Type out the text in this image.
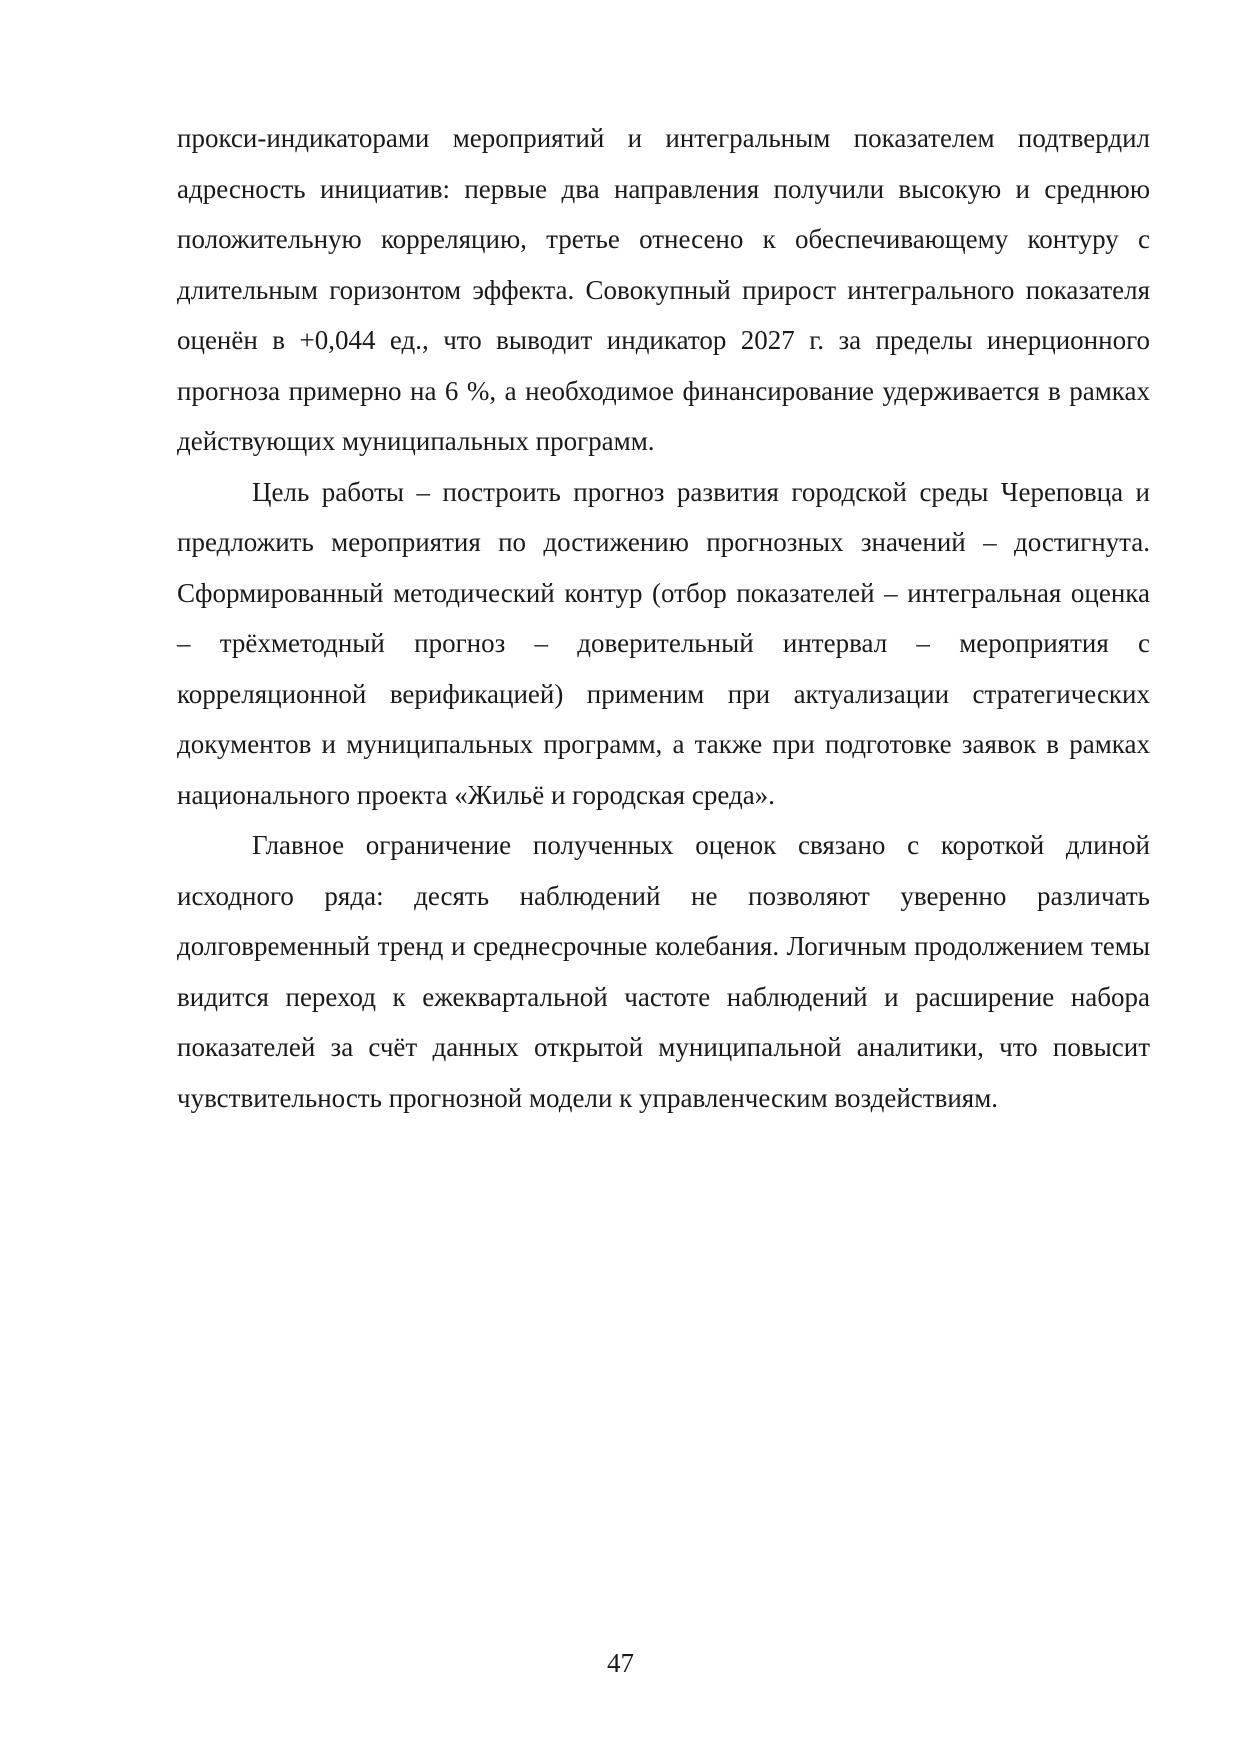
прокси-индикаторами мероприятий и интегральным показателем подтвердил адресность инициатив: первые два направления получили высокую и среднюю положительную корреляцию, третье отнесено к обеспечивающему контуру с длительным горизонтом эффекта. Совокупный прирост интегрального показателя оценён в +0,044 ед., что выводит индикатор 2027 г. за пределы инерционного прогноза примерно на 6 %, а необходимое финансирование удерживается в рамках действующих муниципальных программ.

Цель работы – построить прогноз развития городской среды Череповца и предложить мероприятия по достижению прогнозных значений – достигнута. Сформированный методический контур (отбор показателей – интегральная оценка – трёхметодный прогноз – доверительный интервал – мероприятия с корреляционной верификацией) применим при актуализации стратегических документов и муниципальных программ, а также при подготовке заявок в рамках национального проекта «Жильё и городская среда».

Главное ограничение полученных оценок связано с короткой длиной исходного ряда: десять наблюдений не позволяют уверенно различать долговременный тренд и среднесрочные колебания. Логичным продолжением темы видится переход к ежеквартальной частоте наблюдений и расширение набора показателей за счёт данных открытой муниципальной аналитики, что повысит чувствительность прогнозной модели к управленческим воздействиям.

47
